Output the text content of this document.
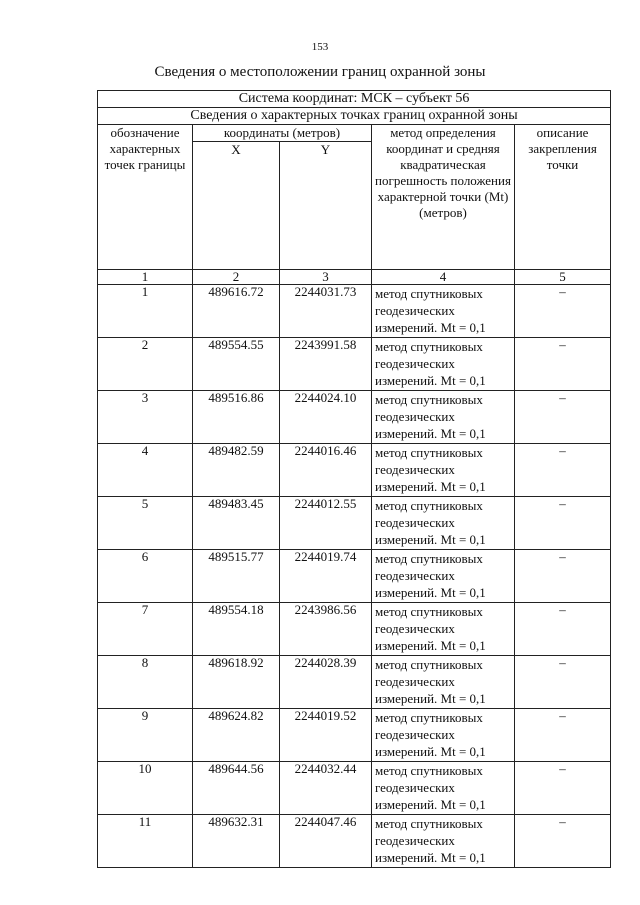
153
Сведения о местоположении границ охранной зоны
Система координат: МСК – субъект 56				
Сведения о характерных точках границ охранной зоны				
обозначение характерных точек границы	координаты (метров)		метод определения координат и средняя квадратическая погрешность положения характерной точки (Mt) (метров)	описание закрепления точки
	X	Y		
1	2	3	4	5
1	489616.72	2244031.73	метод спутниковых
геодезических
измерений. Mt = 0,1	–
2	489554.55	2243991.58	метод спутниковых
геодезических
измерений. Mt = 0,1	–
3	489516.86	2244024.10	метод спутниковых
геодезических
измерений. Mt = 0,1	–
4	489482.59	2244016.46	метод спутниковых
геодезических
измерений. Mt = 0,1	–
5	489483.45	2244012.55	метод спутниковых
геодезических
измерений. Mt = 0,1	–
6	489515.77	2244019.74	метод спутниковых
геодезических
измерений. Mt = 0,1	–
7	489554.18	2243986.56	метод спутниковых
геодезических
измерений. Mt = 0,1	–
8	489618.92	2244028.39	метод спутниковых
геодезических
измерений. Mt = 0,1	–
9	489624.82	2244019.52	метод спутниковых
геодезических
измерений. Mt = 0,1	–
10	489644.56	2244032.44	метод спутниковых
геодезических
измерений. Mt = 0,1	–
11	489632.31	2244047.46	метод спутниковых
геодезических
измерений. Mt = 0,1	–
